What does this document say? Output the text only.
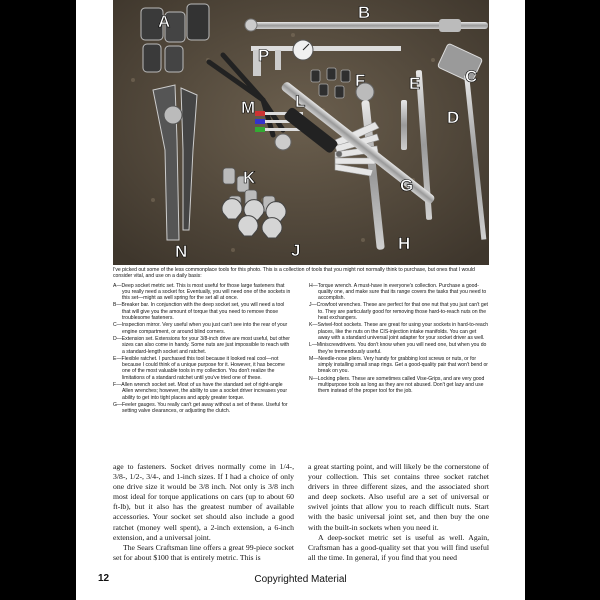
A	B
C
D
E
F
G
H
J
K
L
M
N
P

I've picked out some of the less commonplace tools for this photo. This is a collection of tools that you might not normally think to purchase, but ones that I would consider vital, and use on a daily basis:

A—Deep socket metric set. This is most useful for those large fasteners that you really need a socket for. Eventually, you will need one of the sockets in this set—might as well spring for the set all at once.

B—Breaker bar. In conjunction with the deep socket set, you will need a tool that will give you the amount of torque that you need to remove those troublesome fasteners.

C—Inspection mirror. Very useful when you just can't see into the rear of your engine compartment, or around blind corners.

D—Extension set. Extensions for your 3/8-inch drive are most useful, but other sizes can also come in handy. Some nuts are just impossible to reach with a standard-length socket and ratchet.

E—Flexible ratchet. I purchased this tool because it looked real cool—not because I could think of a unique purpose for it. However, it has become one of the most valuable tools in my collection. You don't realize the limitations of a standard ratchet until you've tried one of these.

F—Allen wrench socket set. Most of us have the standard set of right-angle Allen wrenches; however, the ability to use a socket driver increases your ability to get into tight places and apply greater torque.

G—Feeler gauges. You really can't get away without a set of these. Useful for setting valve clearances, or adjusting the clutch.

H—Torque wrench. A must-have in everyone's collection. Purchase a good-quality one, and make sure that its range covers the tasks that you need to accomplish.

J—Crowfoot wrenches. These are perfect for that one nut that you just can't get to. They are particularly good for removing those hard-to-reach nuts on the heat exchangers.

K—Swivel-foot sockets. These are great for using your sockets in hard-to-reach places, like the nuts on the CIS-injection intake manifolds. You can get away with a standard universal joint adapter for your socket driver as well.

L—Miniscrewdrivers. You don't know when you will need one, but when you do they're tremendously useful.

M—Needle-nose pliers. Very handy for grabbing lost screws or nuts, or for simply installing small snap rings. Get a good-quality pair that won't bend or break on you.

N—Locking pliers. These are sometimes called Vise-Grips, and are very good multipurpose tools as long as they are not abused. Don't get lazy and use them instead of the proper tool for the job.

age to fasteners. Socket drives normally come in 1/4-, 3/8-, 1/2-, 3/4-, and 1-inch sizes. If I had a choice of only one drive size it would be 3/8 inch. Not only is 3/8 inch most ideal for torque applications on cars (up to about 60 ft-lb), but it also has the greatest number of available accessories. Your socket set should also include a good ratchet (money well spent), a 2-inch extension, a 6-inch extension, and a universal joint.

The Sears Craftsman line offers a great 99-piece socket set for about $100 that is entirely metric. This is

a great starting point, and will likely be the cornerstone of your collection. This set contains three socket ratchet drivers in three different sizes, and the associated short and deep sockets. Also useful are a set of universal or swivel joints that allow you to reach difficult nuts. Start with the basic universal joint set, and then buy the one with the built-in sockets when you need it.

A deep-socket metric set is useful as well. Again, Craftsman has a good-quality set that you will find useful all the time. In general, if you find that you need

12	Copyrighted Material
